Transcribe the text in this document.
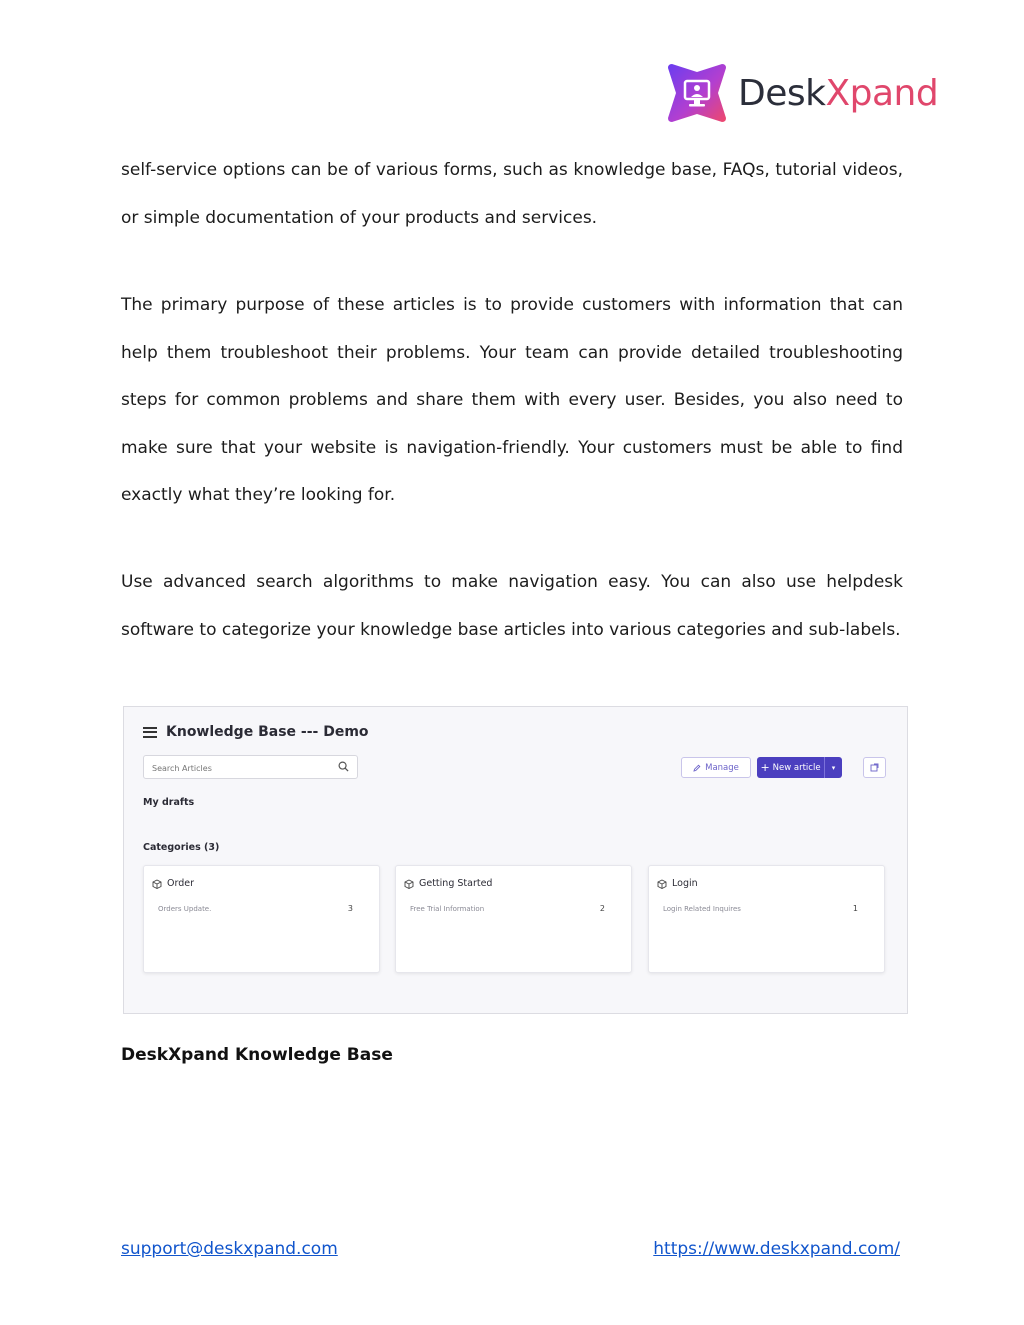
DeskXpand

self-service options can be of various forms, such as knowledge base, FAQs, tutorial videos, or simple documentation of your products and services.

The primary purpose of these articles is to provide customers with information that can help them troubleshoot their problems. Your team can provide detailed troubleshooting steps for common problems and share them with every user. Besides, you also need to make sure that your website is navigation-friendly. Your customers must be able to find exactly what they’re looking for.

Use advanced search algorithms to make navigation easy. You can also use helpdesk software to categorize your knowledge base articles into various categories and sub-labels.

Knowledge Base --- Demo
Search Articles
Manage + New article ▾
My drafts
Categories (3)
Order
Orders Update.	3
Getting Started
Free Trial Information	2
Login
Login Related Inquires	1
DeskXpand Knowledge Base
support@deskxpand.com	https://www.deskxpand.com/
